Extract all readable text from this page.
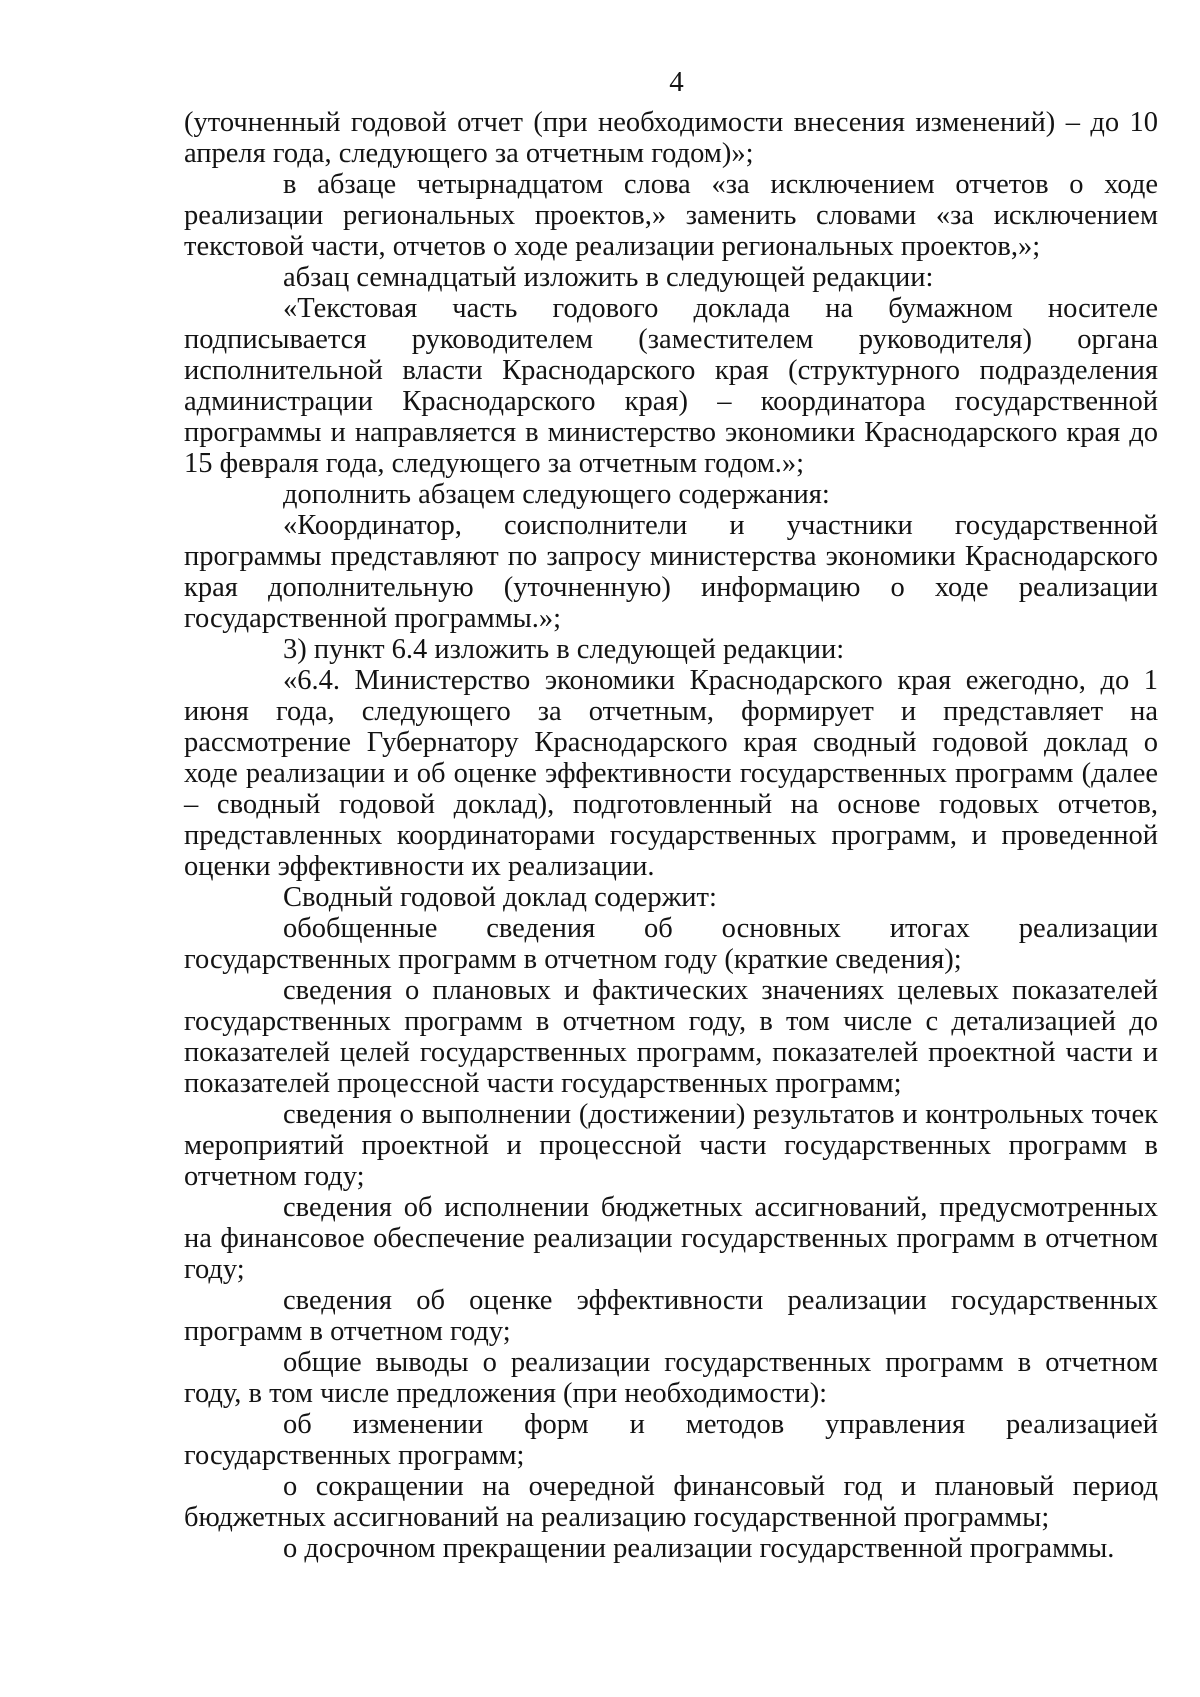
4

(уточненный годовой отчет (при необходимости внесения изменений) – до 10 апреля года, следующего за отчетным годом)»;

в абзаце четырнадцатом слова «за исключением отчетов о ходе реализации региональных проектов,» заменить словами «за исключением текстовой части, отчетов о ходе реализации региональных проектов,»;

абзац семнадцатый изложить в следующей редакции:

«Текстовая часть годового доклада на бумажном носителе подписывается руководителем (заместителем руководителя) органа исполнительной власти Краснодарского края (структурного подразделения администрации Краснодарского края) – координатора государственной программы и направляется в министерство экономики Краснодарского края до 15 февраля года, следующего за отчетным годом.»;

дополнить абзацем следующего содержания:

«Координатор, соисполнители и участники государственной программы представляют по запросу министерства экономики Краснодарского края дополнительную (уточненную) информацию о ходе реализации государственной программы.»;

3) пункт 6.4 изложить в следующей редакции:

«6.4. Министерство экономики Краснодарского края ежегодно, до 1 июня года, следующего за отчетным, формирует и представляет на рассмотрение Губернатору Краснодарского края сводный годовой доклад о ходе реализации и об оценке эффективности государственных программ (далее – сводный годовой доклад), подготовленный на основе годовых отчетов, представленных координаторами государственных программ, и проведенной оценки эффективности их реализации.

Сводный годовой доклад содержит:

обобщенные сведения об основных итогах реализации государственных программ в отчетном году (краткие сведения);

сведения о плановых и фактических значениях целевых показателей государственных программ в отчетном году, в том числе с детализацией до показателей целей государственных программ, показателей проектной части и показателей процессной части государственных программ;

сведения о выполнении (достижении) результатов и контрольных точек мероприятий проектной и процессной части государственных программ в отчетном году;

сведения об исполнении бюджетных ассигнований, предусмотренных на финансовое обеспечение реализации государственных программ в отчетном году;

сведения об оценке эффективности реализации государственных программ в отчетном году;

общие выводы о реализации государственных программ в отчетном году, в том числе предложения (при необходимости):

об изменении форм и методов управления реализацией государственных программ;

о сокращении на очередной финансовый год и плановый период бюджетных ассигнований на реализацию государственной программы;

о досрочном прекращении реализации государственной программы.
